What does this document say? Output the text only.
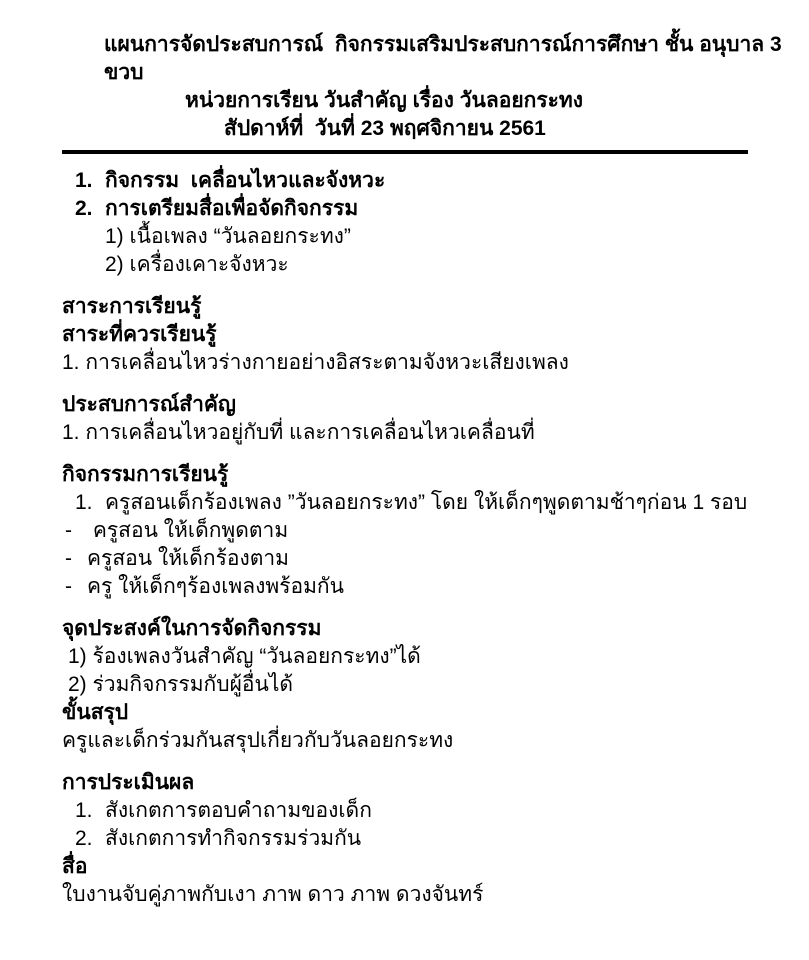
แผนการจัดประสบการณ์  กิจกรรมเสริมประสบการณ์การศึกษา ชั้น อนุบาล 3 ขวบ
หน่วยการเรียน วันสำคัญ เรื่อง วันลอยกระทง
สัปดาห์ที่  วันที่ 23 พฤศจิกายน 2561
1. กิจกรรม  เคลื่อนไหวและจังหวะ
2. การเตรียมสื่อเพื่อจัดกิจกรรม
1) เนื้อเพลง “วันลอยกระทง”
2) เครื่องเคาะจังหวะ
สาระการเรียนรู้
สาระที่ควรเรียนรู้
1. การเคลื่อนไหวร่างกายอย่างอิสระตามจังหวะเสียงเพลง
ประสบการณ์สำคัญ
1. การเคลื่อนไหวอยู่กับที่ และการเคลื่อนไหวเคลื่อนที่
กิจกรรมการเรียนรู้
1. ครูสอนเด็กร้องเพลง ”วันลอยกระทง” โดย ให้เด็กๆพูดตามช้าๆก่อน 1 รอบ
- ครูสอน ให้เด็กพูดตาม
- ครูสอน ให้เด็กร้องตาม
- ครู ให้เด็กๆร้องเพลงพร้อมกัน
จุดประสงค์ในการจัดกิจกรรม
1) ร้องเพลงวันสำคัญ “วันลอยกระทง”ได้
2) ร่วมกิจกรรมกับผู้อื่นได้
ขั้นสรุป
ครูและเด็กร่วมกันสรุปเกี่ยวกับวันลอยกระทง
การประเมินผล
1. สังเกตการตอบคำถามของเด็ก
2. สังเกตการทำกิจกรรมร่วมกัน
สื่อ
ใบงานจับคู่ภาพกับเงา ภาพ ดาว ภาพ ดวงจันทร์
